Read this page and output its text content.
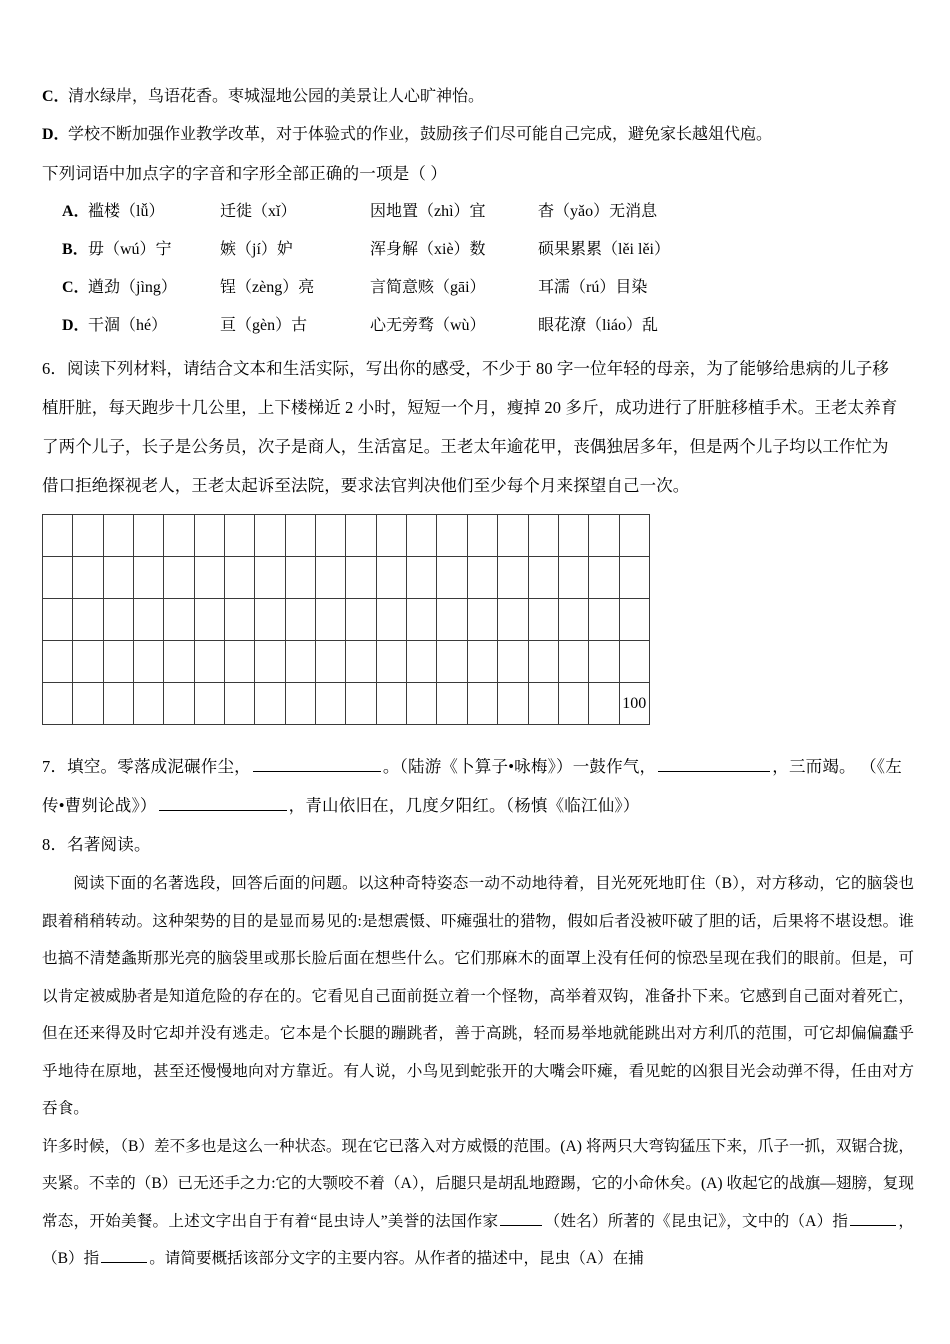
C．清水绿岸，鸟语花香。枣城湿地公园的美景让人心旷神怡。
D．学校不断加强作业教学改革，对于体验式的作业，鼓励孩子们尽可能自己完成，避免家长越俎代庖。
下列词语中加点字的字音和字形全部正确的一项是（ ）
A．
褴楼（lǚ）	迁徙（xǐ）	因地置（zhì）宜	杳（yǎo）无消息
B． 毋（wú）宁	嫉（jí）妒	浑身解（xiè）数	硕果累累（lěi lěi）
C．
遒劲（jìng）	锃（zèng）亮	言简意赅（gāi）	耳濡（rú）目染
D．
干涸（hé）	亘（gèn）古	心无旁骛（wù）	眼花潦（liáo）乱
6．阅读下列材料，请结合文本和生活实际，写出你的感受，不少于 80 字一位年轻的母亲，为了能够给患病的儿子移
植肝脏，每天跑步十几公里，上下楼梯近 2 小时，短短一个月，瘦掉 20 多斤，成功进行了肝脏移植手术。王老太养育
了两个儿子，长子是公务员，次子是商人，生活富足。王老太年逾花甲，丧偶独居多年，但是两个儿子均以工作忙为
借口拒绝探视老人，王老太起诉至法院，要求法官判决他们至少每个月来探望自己一次。

																			100
7．填空。零落成泥碾作尘，	。（陆游《卜算子•咏梅》）一鼓作气，	，三而竭。 （《左
传•曹刿论战》）	，青山依旧在，几度夕阳红。（杨慎《临江仙》）
8．名著阅读。
阅读下面的名著选段，回答后面的问题。以这种奇特姿态一动不动地待着，目光死死地盯住（B），对方移动，它的脑袋也跟着稍稍转动。这种架势的目的是显而易见的:是想震慑、吓瘫强壮的猎物，假如后者没被吓破了胆的话，后果将不堪设想。谁也搞不清楚螽斯那光亮的脑袋里或那长脸后面在想些什么。它们那麻木的面罩上没有任何的惊恐呈现在我们的眼前。但是，可以肯定被威胁者是知道危险的存在的。它看见自己面前挺立着一个怪物，高举着双钩，准备扑下来。它感到自己面对着死亡，但在还来得及时它却并没有逃走。它本是个长腿的蹦跳者，善于高跳，轻而易举地就能跳出对方利爪的范围，可它却偏偏蠢乎乎地待在原地，甚至还慢慢地向对方靠近。有人说，小鸟见到蛇张开的大嘴会吓瘫，看见蛇的凶狠目光会动弹不得，任由对方吞食。
许多时候，（B）差不多也是这么一种状态。现在它已落入对方威慑的范围。(A) 将两只大弯钩猛压下来，爪子一抓，双锯合拢，夹紧。不幸的（B）已无还手之力:它的大颚咬不着（A），后腿只是胡乱地蹬踢，它的小命休矣。(A) 收起它的战旗—翅膀，复现常态，开始美餐。上述文字出自于有着“昆虫诗人”美誉的法国作家	（姓名）所著的《昆虫记》，文中的（A）指	，（B）指	。请简要概括该部分文字的主要内容。从作者的描述中，昆虫（A）在捕
